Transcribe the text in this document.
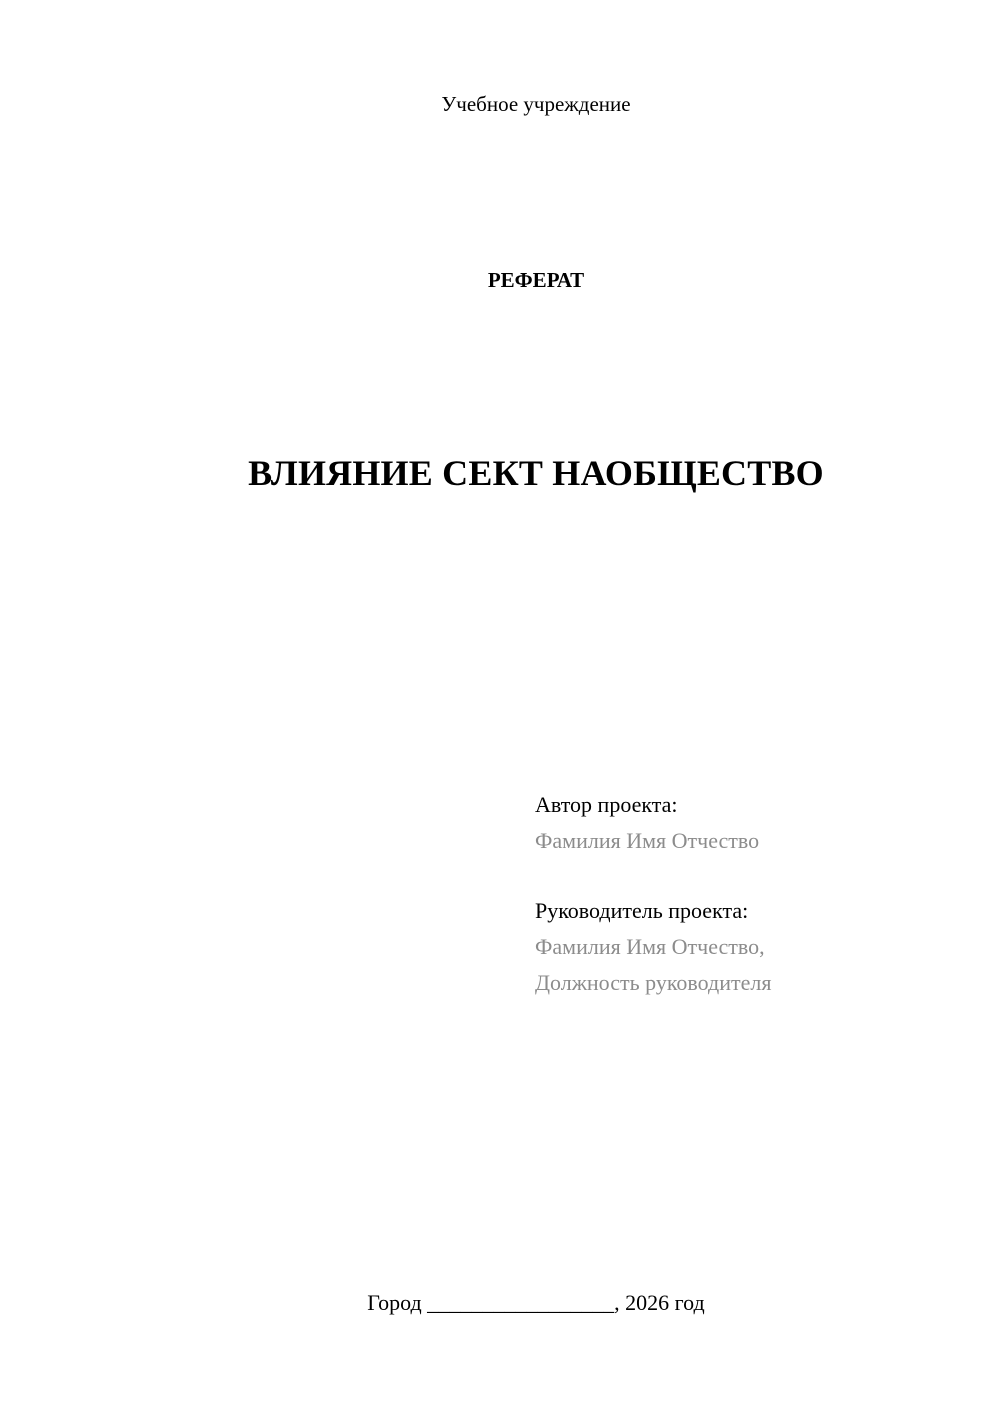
Учебное учреждение
РЕФЕРАТ
ВЛИЯНИЕ СЕКТ НАОБЩЕСТВО
Автор проекта:
Фамилия Имя Отчество
Руководитель проекта:
Фамилия Имя Отчество,
Должность руководителя
Город _________________, 2026 год
